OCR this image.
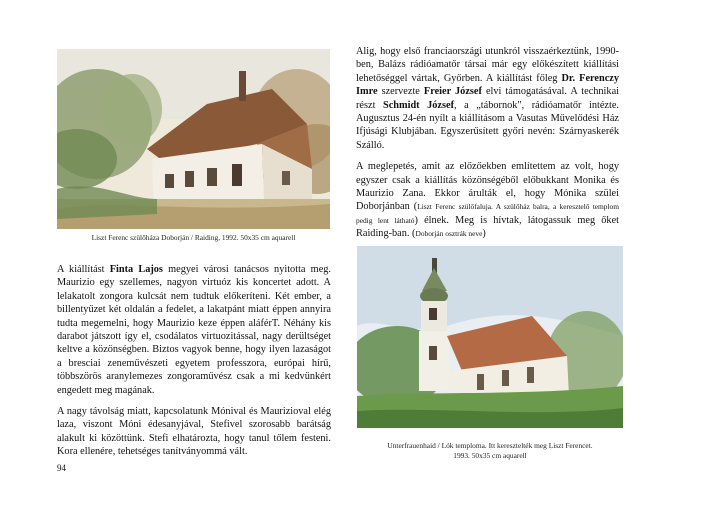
Liszt Ferenc szülőháza Doborján / Raiding, 1992. 50x35 cm aquarell

Alig, hogy első franciaországi utunkról visszaérkeztünk, 1990-ben, Balázs rádióamatőr társai már egy előkészített kiállítási lehetőséggel vártak, Győrben. A kiállítást főleg Dr. Ferenczy Imre szervezte Freier József elvi támogatásával. A technikai részt Schmidt József, a „tábornok", rádióamatőr intézte. Augusztus 24-én nyílt a kiállításom a Vasutas Művelődési Ház Ifjúsági Klubjában. Egyszerűsített győri nevén: Szárnyaskerék Szálló.

A meglepetés, amit az előzőekben említettem az volt, hogy egyszer csak a kiállítás közönségéből előbukkant Monika és Maurizio Zana. Ekkor árulták el, hogy Mónika szülei Doborjánban (Liszt Ferenc szülőfaluja. A szülőház balra, a keresztelő templom pedig lent látható) élnek. Meg is hívtak, látogassuk meg őket Raiding-ban. (Doborján osztrák neve)

A kiállítást Finta Lajos megyei városi tanácsos nyitotta meg. Maurizio egy szellemes, nagyon virtuóz kis koncertet adott. A lelakatolt zongora kulcsát nem tudtuk előkeríteni. Két ember, a billentyűzet két oldalán a fedelet, a lakatpánt miatt éppen annyira tudta megemelni, hogy Maurizio keze éppen aláférT. Néhány kis darabot játszott így el, csodálatos virtuozitással, nagy derültséget keltve a közönségben. Biztos vagyok benne, hogy ilyen lazaságot a bresciai zeneművészeti egyetem professzora, európai hírű, többszörös aranylemezes zongoraművész csak a mi kedvünkért engedett meg magának.

A nagy távolság miatt, kapcsolatunk Mónival és Maurizioval elég laza, viszont Móni édesanyjával, Stefivel szorosabb barátság alakult ki közöttünk. Stefi elhatározta, hogy tanul tőlem festeni. Kora ellenére, tehetséges tanítványommá vált.

Unterfrauenhaid / Lók temploma. Itt keresztelték meg Liszt Ferencet.
1993. 50x35 cm aquarell
94
